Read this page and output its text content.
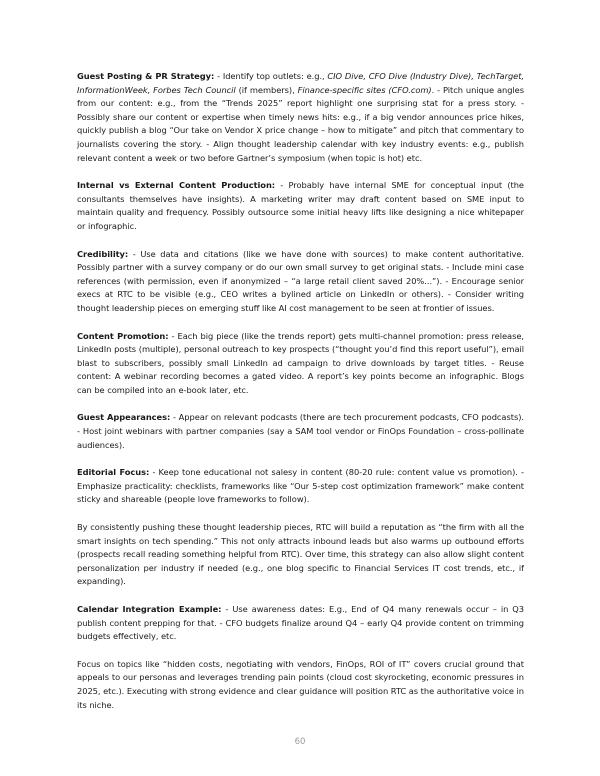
Guest Posting & PR Strategy: - Identify top outlets: e.g., CIO Dive, CFO Dive (Industry Dive), TechTarget, InformationWeek, Forbes Tech Council (if members), Finance-specific sites (CFO.com). - Pitch unique angles from our content: e.g., from the “Trends 2025” report highlight one surprising stat for a press story. - Possibly share our content or expertise when timely news hits: e.g., if a big vendor announces price hikes, quickly publish a blog “Our take on Vendor X price change – how to mitigate” and pitch that commentary to journalists covering the story. - Align thought leadership calendar with key industry events: e.g., publish relevant content a week or two before Gartner’s symposium (when topic is hot) etc.

Internal vs External Content Production: - Probably have internal SME for conceptual input (the consultants themselves have insights). A marketing writer may draft content based on SME input to maintain quality and frequency. Possibly outsource some initial heavy lifts like designing a nice whitepaper or infographic.

Credibility: - Use data and citations (like we have done with sources) to make content authoritative. Possibly partner with a survey company or do our own small survey to get original stats. - Include mini case references (with permission, even if anonymized – “a large retail client saved 20%...”). - Encourage senior execs at RTC to be visible (e.g., CEO writes a bylined article on LinkedIn or others). - Consider writing thought leadership pieces on emerging stuff like AI cost management to be seen at frontier of issues.

Content Promotion: - Each big piece (like the trends report) gets multi-channel promotion: press release, LinkedIn posts (multiple), personal outreach to key prospects (“thought you’d find this report useful”), email blast to subscribers, possibly small LinkedIn ad campaign to drive downloads by target titles. - Reuse content: A webinar recording becomes a gated video. A report’s key points become an infographic. Blogs can be compiled into an e-book later, etc.

Guest Appearances: - Appear on relevant podcasts (there are tech procurement podcasts, CFO podcasts). - Host joint webinars with partner companies (say a SAM tool vendor or FinOps Foundation – cross-pollinate audiences).

Editorial Focus: - Keep tone educational not salesy in content (80-20 rule: content value vs promotion). - Emphasize practicality: checklists, frameworks like “Our 5-step cost optimization framework” make content sticky and shareable (people love frameworks to follow).

By consistently pushing these thought leadership pieces, RTC will build a reputation as “the firm with all the smart insights on tech spending.” This not only attracts inbound leads but also warms up outbound efforts (prospects recall reading something helpful from RTC). Over time, this strategy can also allow slight content personalization per industry if needed (e.g., one blog specific to Financial Services IT cost trends, etc., if expanding).

Calendar Integration Example: - Use awareness dates: E.g., End of Q4 many renewals occur – in Q3 publish content prepping for that. - CFO budgets finalize around Q4 – early Q4 provide content on trimming budgets effectively, etc.

Focus on topics like “hidden costs, negotiating with vendors, FinOps, ROI of IT” covers crucial ground that appeals to our personas and leverages trending pain points (cloud cost skyrocketing, economic pressures in 2025, etc.). Executing with strong evidence and clear guidance will position RTC as the authoritative voice in its niche.

60
